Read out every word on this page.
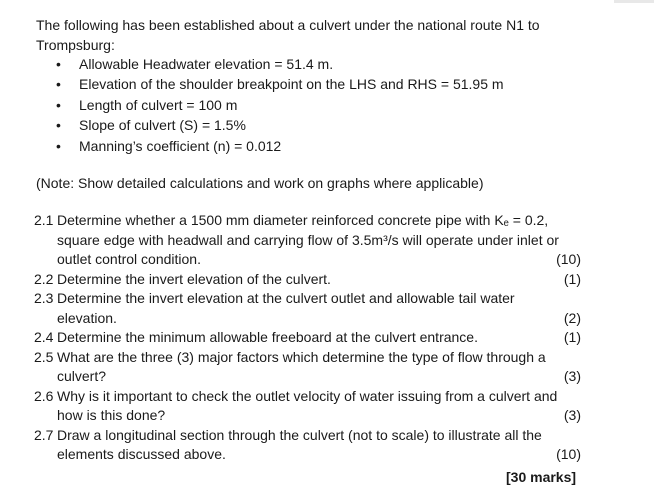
The following has been established about a culvert under the national route N1 to

Trompsburg:

• Allowable Headwater elevation = 51.4 m.
• Elevation of the shoulder breakpoint on the LHS and RHS = 51.95 m
• Length of culvert = 100 m
• Slope of culvert (S) = 1.5%
• Manning’s coefficient (n) = 0.012

(Note: Show detailed calculations and work on graphs where applicable)

2.1 Determine whether a 1500 mm diameter reinforced concrete pipe with Kₑ = 0.2,
square edge with headwall and carrying flow of 3.5m³/s will operate under inlet or
outlet control condition.	(10)
2.2 Determine the invert elevation of the culvert.	(1)
2.3 Determine the invert elevation at the culvert outlet and allowable tail water
elevation.	(2)
2.4 Determine the minimum allowable freeboard at the culvert entrance.	(1)
2.5 What are the three (3) major factors which determine the type of flow through a
culvert?	(3)
2.6 Why is it important to check the outlet velocity of water issuing from a culvert and
how is this done?	(3)
2.7 Draw a longitudinal section through the culvert (not to scale) to illustrate all the
elements discussed above.	(10)
[30 marks]
